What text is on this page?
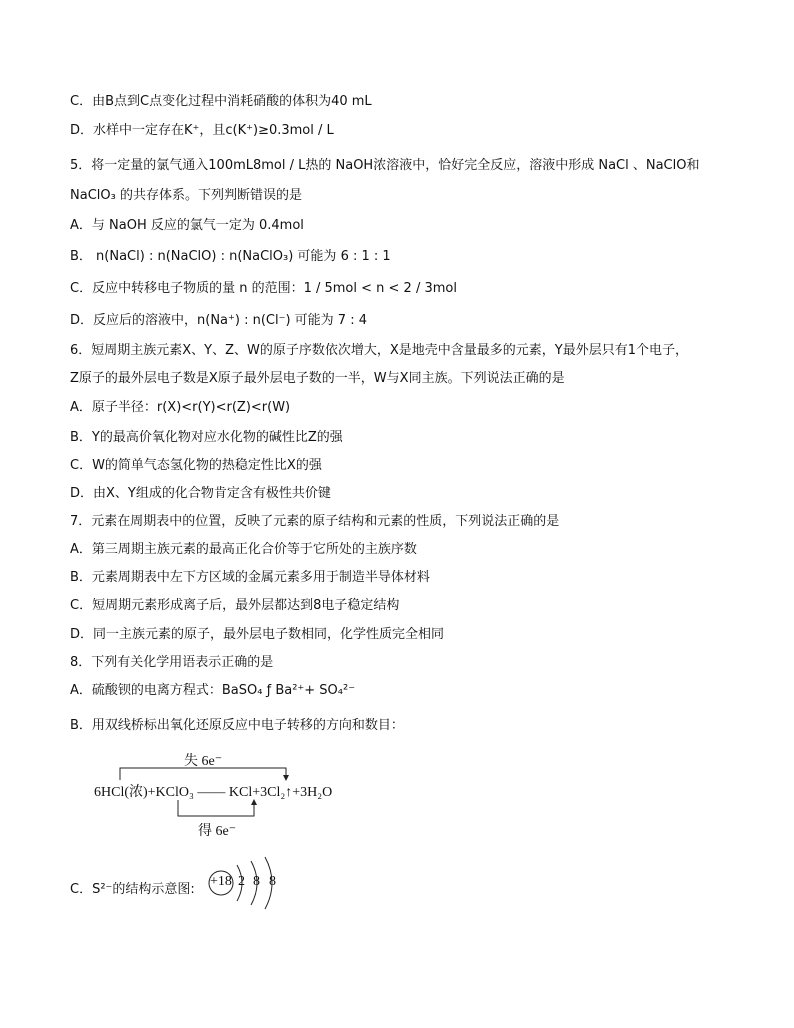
C．由B点到C点变化过程中消耗硝酸的体积为40 mL
D．水样中一定存在K⁺，且c(K⁺)≥0.3mol / L
5．将一定量的氯气通入100mL8mol / L热的 NaOH浓溶液中，恰好完全反应，溶液中形成 NaCl 、NaClO和
NaClO₃ 的共存体系。下列判断错误的是
A．与 NaOH 反应的氯气一定为 0.4mol
B． n(NaCl) : n(NaClO) : n(NaClO₃) 可能为 6 : 1 : 1
C．反应中转移电子物质的量 n 的范围：1 / 5mol < n < 2 / 3mol
D．反应后的溶液中，n(Na⁺) : n(Cl⁻) 可能为 7 : 4
6．短周期主族元素X、Y、Z、W的原子序数依次增大，X是地壳中含量最多的元素，Y最外层只有1个电子，
Z原子的最外层电子数是X原子最外层电子数的一半，W与X同主族。下列说法正确的是
A．原子半径：r(X)<r(Y)<r(Z)<r(W)
B．Y的最高价氧化物对应水化物的碱性比Z的强
C．W的简单气态氢化物的热稳定性比X的强
D．由X、Y组成的化合物肯定含有极性共价键
7．元素在周期表中的位置，反映了元素的原子结构和元素的性质，下列说法正确的是
A．第三周期主族元素的最高正化合价等于它所处的主族序数
B．元素周期表中左下方区域的金属元素多用于制造半导体材料
C．短周期元素形成离子后，最外层都达到8电子稳定结构
D．同一主族元素的原子，最外层电子数相同，化学性质完全相同
8．下列有关化学用语表示正确的是
A．硫酸钡的电离方程式：BaSO₄ ƒ Ba²⁺+ SO₄²⁻
B．用双线桥标出氧化还原反应中电子转移的方向和数目：
失 6e⁻
6HCl(浓)+KClO₃ —— KCl+3Cl₂↑+3H₂O
得 6e⁻
C．S²⁻的结构示意图:
+18 2 8 8
